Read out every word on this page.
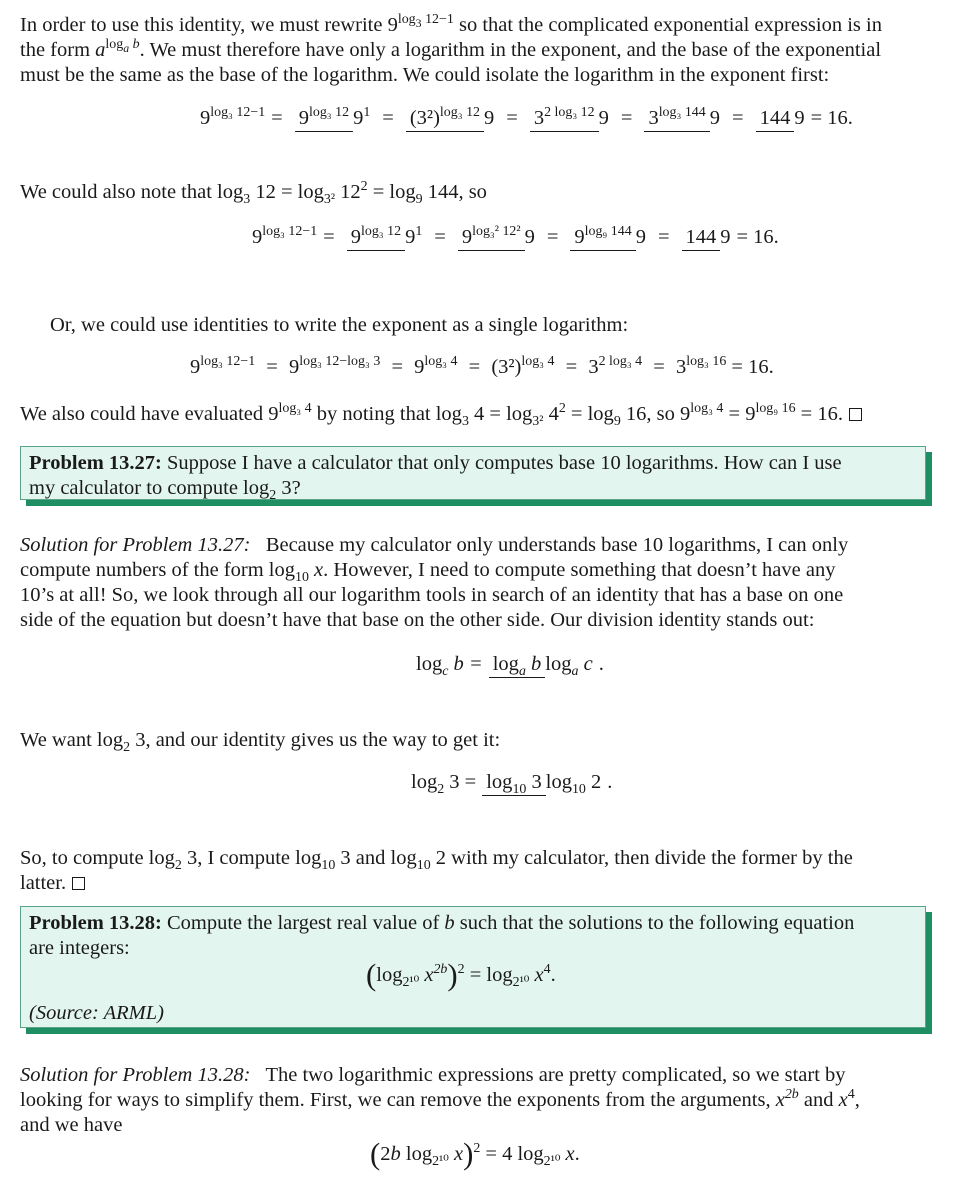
In order to use this identity, we must rewrite $9^{log_3 12-1}$ so that the complicated exponential expression is in
the form $a^{log_a b}$. We must therefore have only a logarithm in the exponent, and the base of the exponential
must be the same as the base of the logarithm. We could isolate the logarithm in the exponent first:
$9^{log_3 12-1} = 9^{log_3 12}$ $9^1 = (3^2)^{log_3 12}$ $9 = 3^{2 log_3 12}$ $9 = 3^{log_3 144}$ 9 = 144 9 = 16.
We could also note that $\log_3 12 = \log_{3^2} 12^2 = \log_9 144$, so
$9^{log_3 12-1} = 9^{log_3 12}$ $9^1 = 9^{log_3^2 12^2}$ $9 = 9^{log_9 144}$ 9 = 144 9 = 16.
Or, we could use identities to write the exponent as a single logarithm:
$9^{log_3 12-1} = 9^{log_3 12-log_3 3} = 9^{log_3 4} = (3^2)^{log_3 4} = 3^{2 log_3 4} = 3^{log_3 16} = 16$.
We also could have evaluated $9^{log_3 4}$ by noting that $\log_3 4 = \log_{3^2} 4^2 = \log_9 16$, so $9^{log_3 4} = 9^{log_9 16} = 16$.
Problem 13.27: Suppose I have a calculator that only computes base 10 logarithms. How can I use
my calculator to compute $\log_2 3$?
Solution for Problem 13.27:   Because my calculator only understands base 10 logarithms, I can only
compute numbers of the form $\log_{10} x$. However, I need to compute something that doesn’t have any
10’s at all! So, we look through all our logarithm tools in search of an identity that has a base on one
side of the equation but doesn’t have that base on the other side. Our division identity stands out:
$\log_c b = \log_a b$ $\log_a c$ .
We want $\log_2 3$, and our identity gives us the way to get it:
$\log_2 3 = \log_{10} 3$ $\log_{10} 2$ .
So, to compute $\log_2 3$, I compute $\log_{10} 3$ and $\log_{10} 2$ with my calculator, then divide the former by the
latter.
Problem 13.28: Compute the largest real value of b such that the solutions to the following equation
are integers:
($\log_{2^{10}}$ $x^{2b})^2 = \log_{2^{10}} x^4$.
(Source: ARML)
Solution for Problem 13.28:   The two logarithmic expressions are pretty complicated, so we start by
looking for ways to simplify them. First, we can remove the exponents from the arguments, $x^{2b}$ and $x^4$,
and we have
(2b $\log_{2^{10}} x)^2 = 4$ $\log_{2^{10}} x$.
